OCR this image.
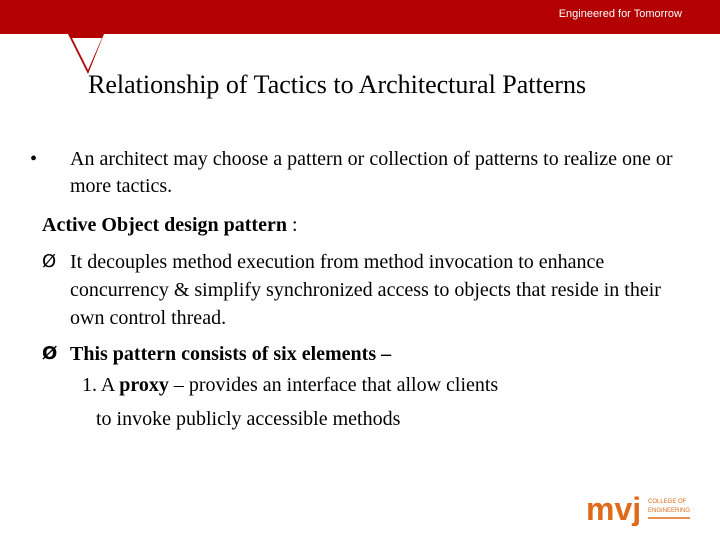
Engineered for Tomorrow
Relationship of Tactics to Architectural Patterns
• An architect may choose a pattern or collection of patterns to realize one or more tactics.
Active Object design pattern :
Ø It decouples method execution from method invocation to enhance concurrency & simplify synchronized access to objects that reside in their own control thread.
Ø This pattern consists of six elements –
1. A proxy – provides an interface that allow clients
to invoke publicly accessible methods
mvj COLLEGE OF
ENGINEERING
